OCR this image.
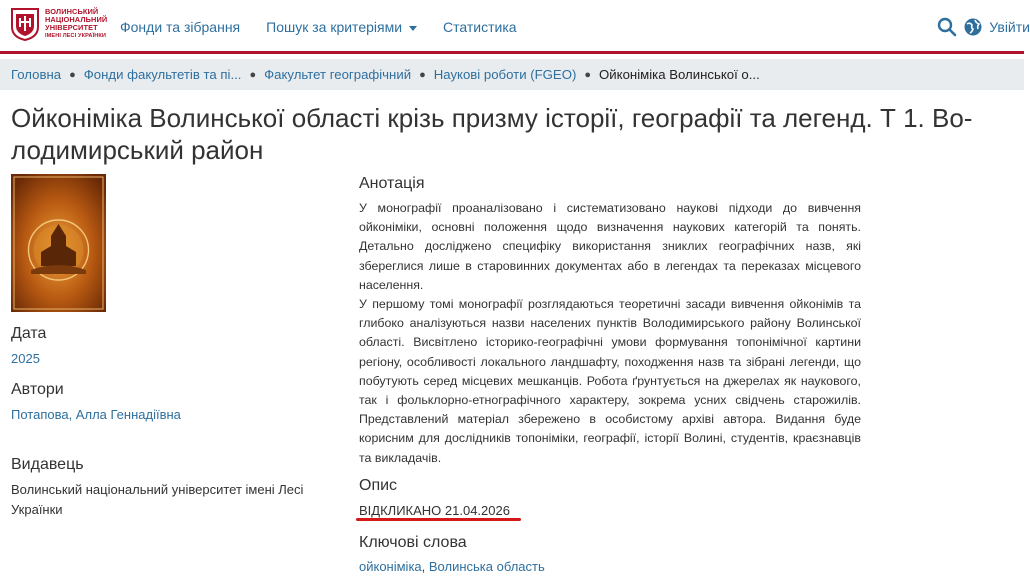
ВОЛИНСЬКИЙ
НАЦІОНАЛЬНИЙ
УНІВЕРСИТЕТ
ІМЕНІ ЛЕСІ УКРАЇНКИ
Фонди та зібрання Пошук за критеріями	Статистика	Увійти
Головна ● Фонди факультетів та пі... ● Факультет географічний ● Наукові роботи (FGEO) ● Ойконіміка Волинської о...
Ойконіміка Волинської області крізь призму історії, географії та легенд. Т 1. Во-лодимирський район
Дата
2025
Автори
Потапова, Алла Геннадіївна
Видавець
Волинський національний університет імені Лесі Українки
Анотація

У монографії проаналізовано і систематизовано наукові підходи до вивчення ойконіміки, основні положення щодо визначення наукових категорій та понять. Детально досліджено специфіку використання зниклих географічних назв, які збереглися лише в старовинних документах або в легендах та переказах місцевого населення.

У першому томі монографії розглядаються теоретичні засади вивчення ойконімів та глибоко аналізуються назви населених пунктів Володимирського району Волинської області. Висвітлено історико-географічні умови формування топонімічної картини регіону, особливості локального ландшафту, походження назв та зібрані легенди, що побутують серед місцевих мешканців. Робота ґрунтується на джерелах як наукового, так і фольклорно-етнографічного характеру, зокрема усних свідчень старожилів. Представлений матеріал збережено в особистому архіві автора. Видання буде корисним для дослідників топоніміки, географії, історії Волині, студентів, краєзнавців та викладачів.

Опис
ВІДКЛИКАНО 21.04.2026
Ключові слова
ойконіміка, Волинська область
